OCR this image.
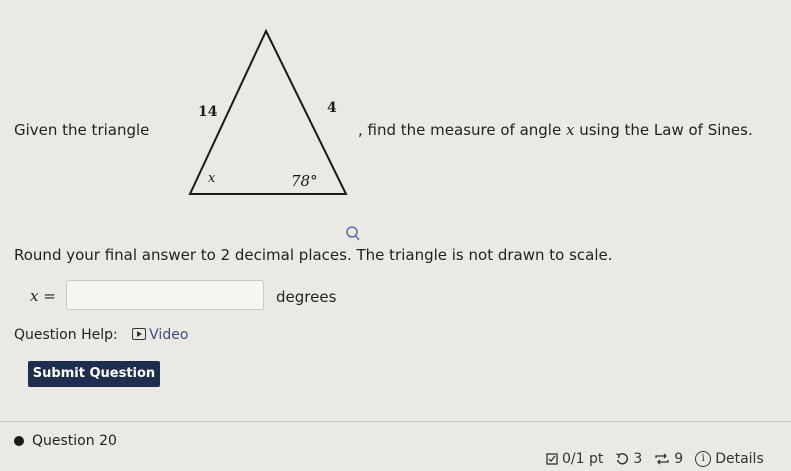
Given the triangle
14	4
x	78°
, find the measure of angle x using the Law of Sines.
Round your final answer to 2 decimal places. The triangle is not drawn to scale.
x =	degrees
Question Help: Video
Submit Question
Question 20
0/1 pt 3 9	i Details
